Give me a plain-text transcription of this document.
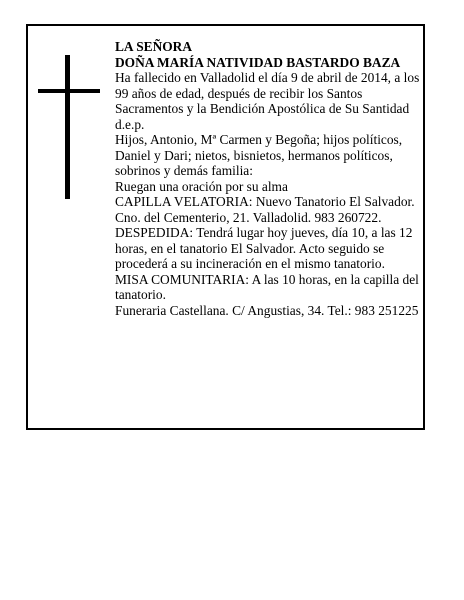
LA SEÑORA

DOÑA MARÍA NATIVIDAD BASTARDO BAZA

Ha fallecido en Valladolid el día 9 de abril de 2014, a los 99 años de edad, después de recibir los Santos Sacramentos y la Bendición Apostólica de Su Santidad d.e.p.

Hijos, Antonio, Mª Carmen y Begoña; hijos políticos, Daniel y Dari; nietos, bisnietos, hermanos políticos, sobrinos y demás familia:

Ruegan una oración por su alma

CAPILLA VELATORIA: Nuevo Tanatorio El Salvador. Cno. del Cementerio, 21. Valladolid. 983 260722.

DESPEDIDA: Tendrá lugar hoy jueves, día 10, a las 12 horas, en el tanatorio El Salvador. Acto seguido se procederá a su incineración en el mismo tanatorio.

MISA COMUNITARIA: A las 10 horas, en la capilla del tanatorio.

Funeraria Castellana. C/ Angustias, 34. Tel.: 983 251225
